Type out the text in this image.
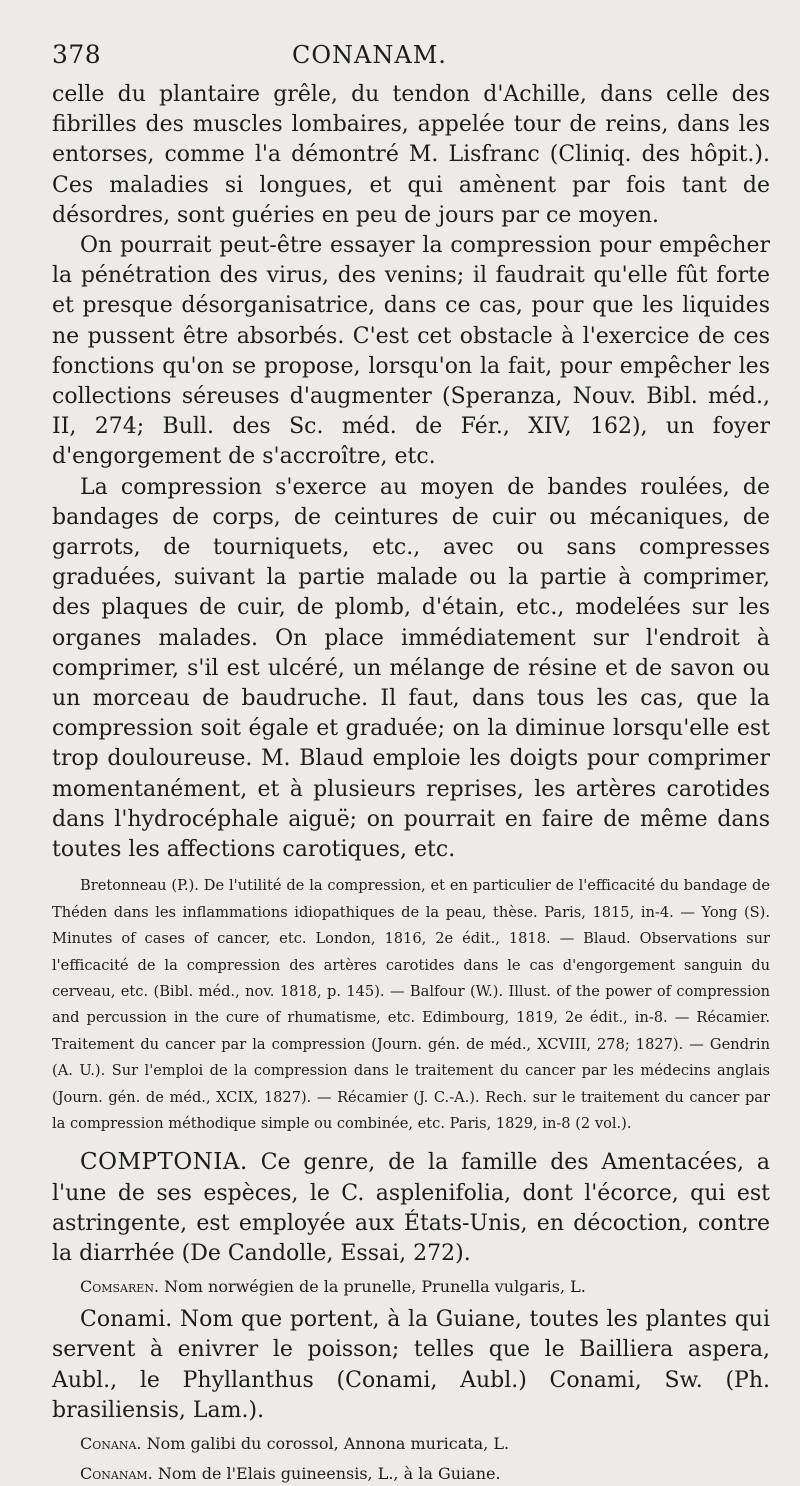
378	CONANAM.

celle du plantaire grêle, du tendon d'Achille, dans celle des fibrilles des muscles lombaires, appelée tour de reins, dans les entorses, comme l'a démontré M. Lisfranc (Cliniq. des hôpit.). Ces maladies si longues, et qui amènent par fois tant de désordres, sont guéries en peu de jours par ce moyen.

On pourrait peut-être essayer la compression pour empêcher la pénétration des virus, des venins; il faudrait qu'elle fût forte et presque désorganisatrice, dans ce cas, pour que les liquides ne pussent être absorbés. C'est cet obstacle à l'exercice de ces fonctions qu'on se propose, lorsqu'on la fait, pour empêcher les collections séreuses d'augmenter (Speranza, Nouv. Bibl. méd., II, 274; Bull. des Sc. méd. de Fér., XIV, 162), un foyer d'engorgement de s'accroître, etc.

La compression s'exerce au moyen de bandes roulées, de bandages de corps, de ceintures de cuir ou mécaniques, de garrots, de tourniquets, etc., avec ou sans compresses graduées, suivant la partie malade ou la partie à comprimer, des plaques de cuir, de plomb, d'étain, etc., modelées sur les organes malades. On place immédiatement sur l'endroit à comprimer, s'il est ulcéré, un mélange de résine et de savon ou un morceau de baudruche. Il faut, dans tous les cas, que la compression soit égale et graduée; on la diminue lorsqu'elle est trop douloureuse. M. Blaud emploie les doigts pour comprimer momentanément, et à plusieurs reprises, les artères carotides dans l'hydrocéphale aiguë; on pourrait en faire de même dans toutes les affections carotiques, etc.

Bretonneau (P.). De l'utilité de la compression, et en particulier de l'efficacité du bandage de Théden dans les inflammations idiopathiques de la peau, thèse. Paris, 1815, in-4. — Yong (S). Minutes of cases of cancer, etc. London, 1816, 2e édit., 1818. — Blaud. Observations sur l'efficacité de la compression des artères carotides dans le cas d'engorgement sanguin du cerveau, etc. (Bibl. méd., nov. 1818, p. 145). — Balfour (W.). Illust. of the power of compression and percussion in the cure of rhumatisme, etc. Edimbourg, 1819, 2e édit., in-8. — Récamier. Traitement du cancer par la compression (Journ. gén. de méd., XCVIII, 278; 1827). — Gendrin (A. U.). Sur l'emploi de la compression dans le traitement du cancer par les médecins anglais (Journ. gén. de méd., XCIX, 1827). — Récamier (J. C.-A.). Rech. sur le traitement du cancer par la compression méthodique simple ou combinée, etc. Paris, 1829, in-8 (2 vol.).

COMPTONIA. Ce genre, de la famille des Amentacées, a l'une de ses espèces, le C. asplenifolia, dont l'écorce, qui est astringente, est employée aux États-Unis, en décoction, contre la diarrhée (De Candolle, Essai, 272).

Comsaren. Nom norwégien de la prunelle, Prunella vulgaris, L.

Conami. Nom que portent, à la Guiane, toutes les plantes qui servent à enivrer le poisson; telles que le Bailliera aspera, Aubl., le Phyllanthus (Conami, Aubl.) Conami, Sw. (Ph. brasiliensis, Lam.).

Conana. Nom galibi du corossol, Annona muricata, L.

Conanam. Nom de l'Elais guineensis, L., à la Guiane.
